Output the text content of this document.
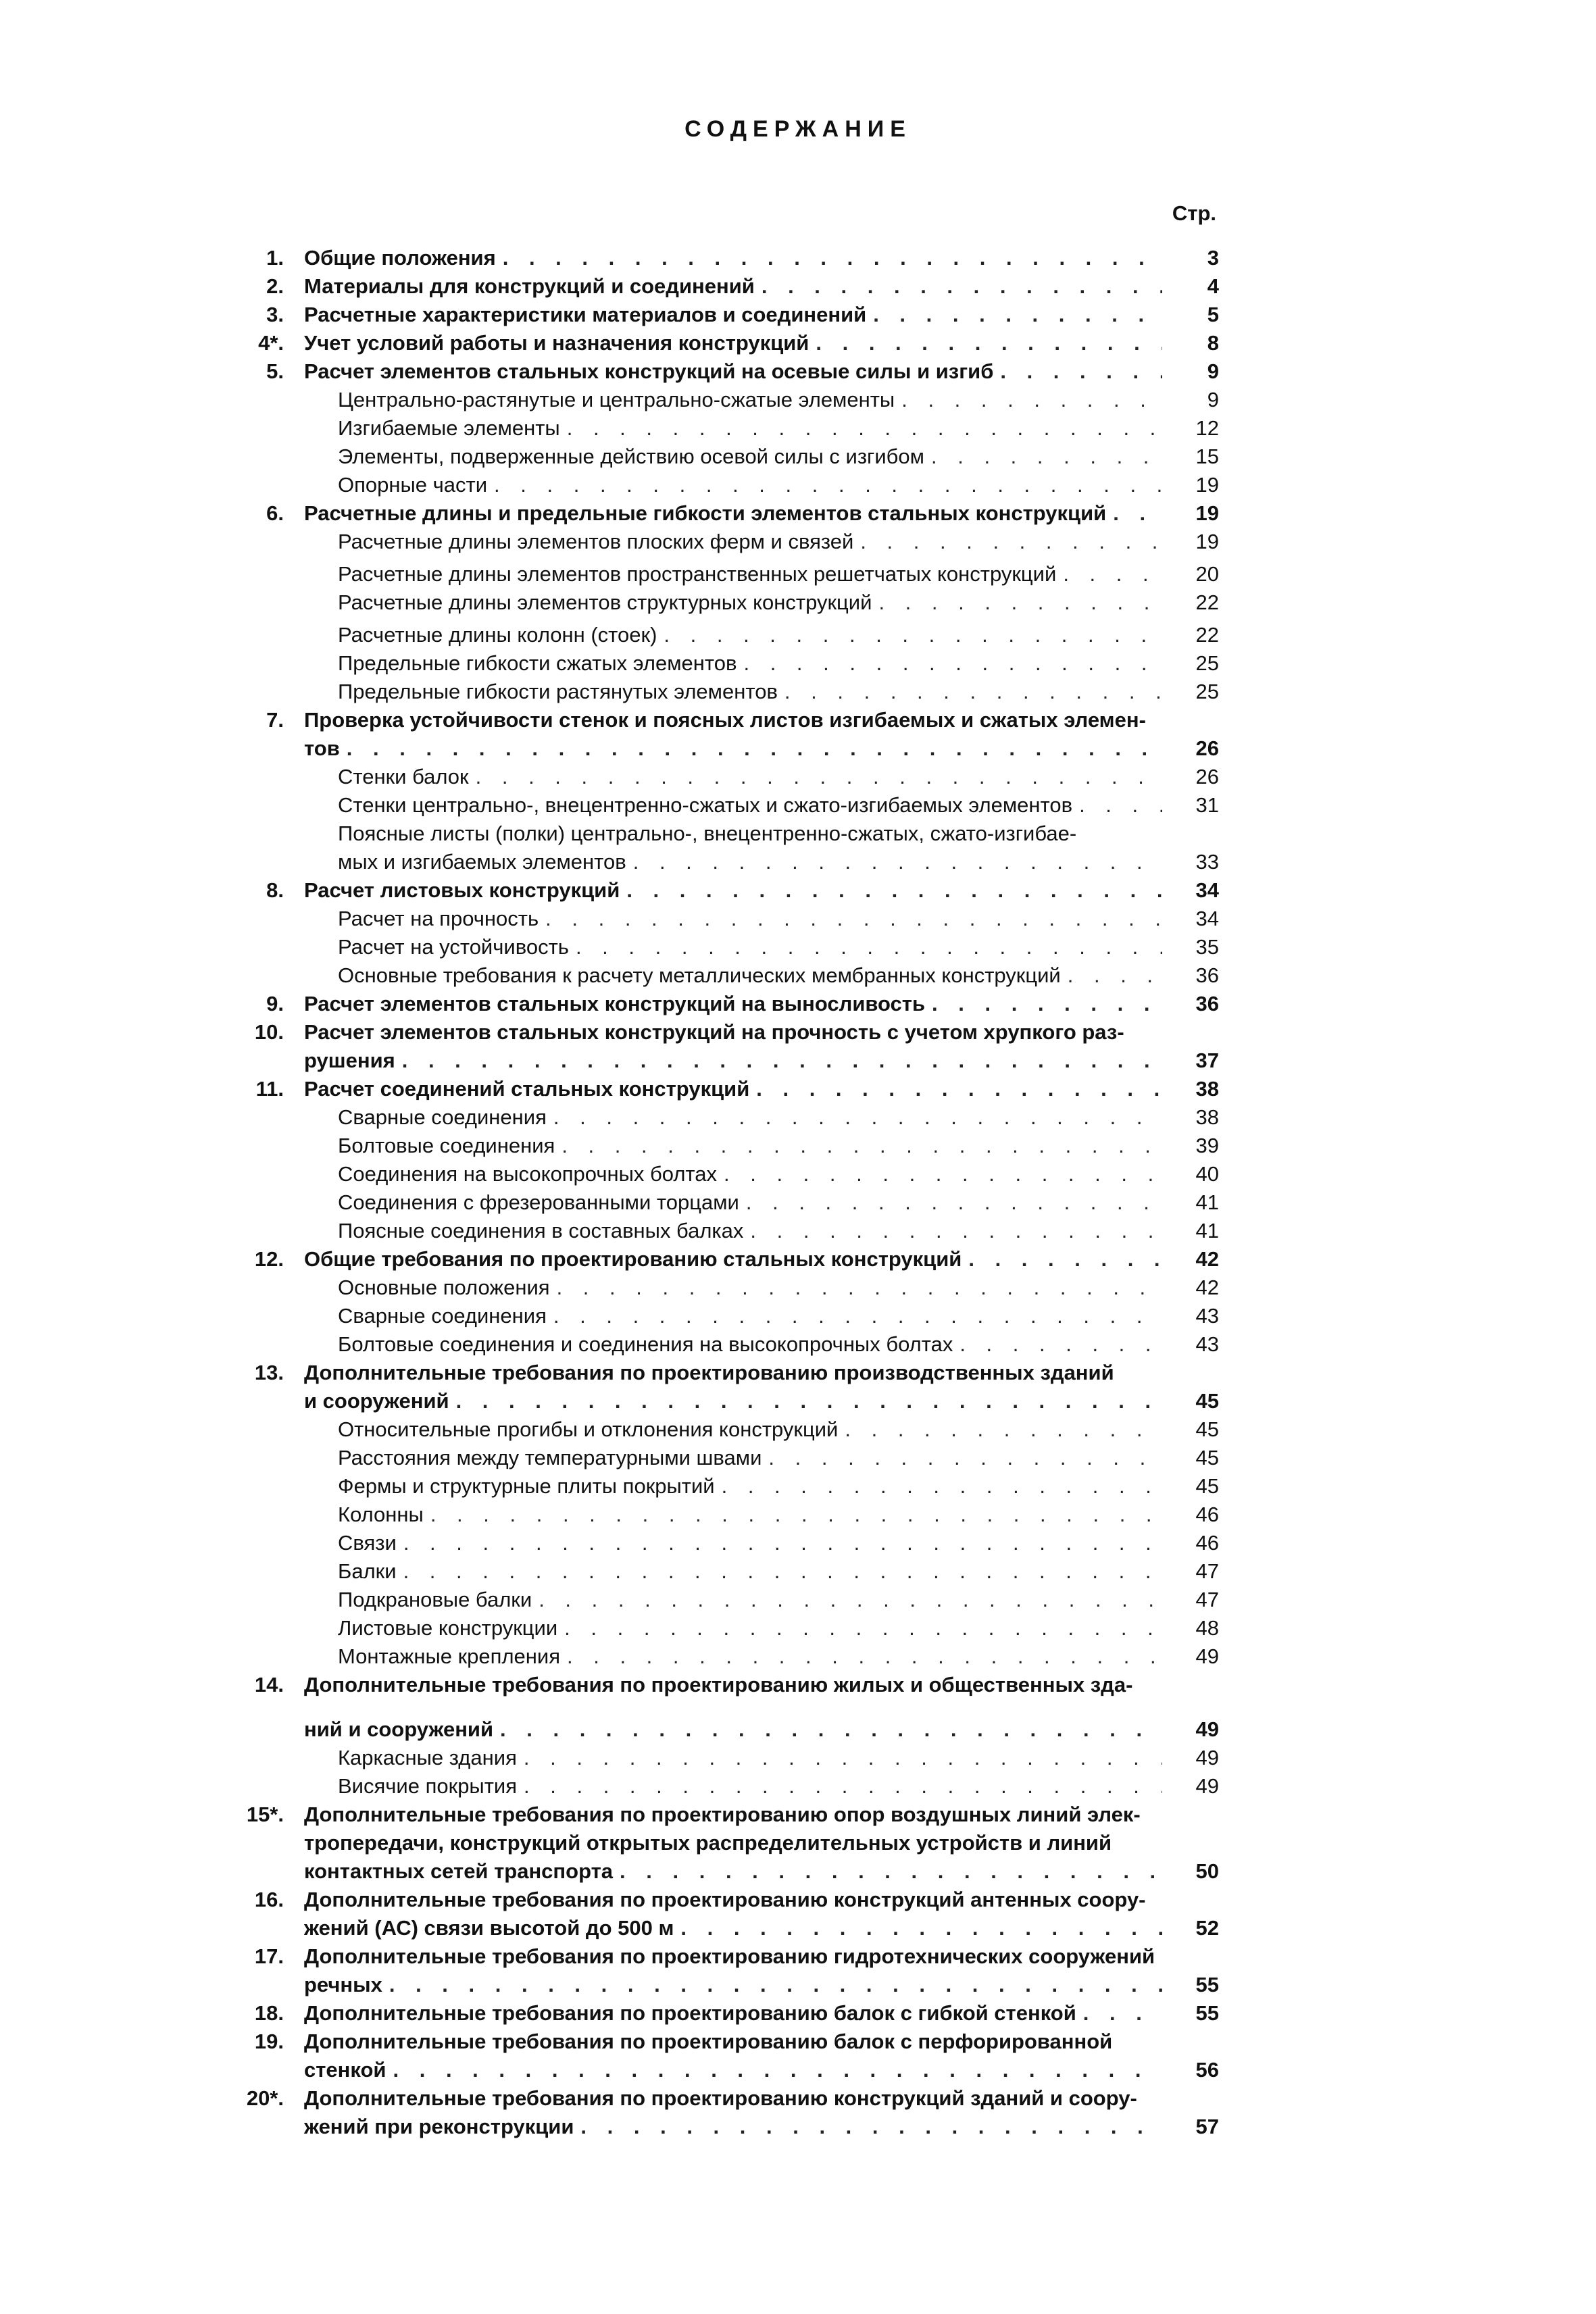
СОДЕРЖАНИЕ
Стр.
1. Общие положения . . .	3
2. Материалы для конструкций и соединений . . .	4
3. Расчетные характеристики материалов и соединений . . .	5
4*. Учет условий работы и назначения конструкций . . .	8
5. Расчет элементов стальных конструкций на осевые силы и изгиб . . .	9
Центрально-растянутые и центрально-сжатые элементы . . .	9
Изгибаемые элементы . . .	12
Элементы, подверженные действию осевой силы с изгибом . . .	15
Опорные части . . .	19
6. Расчетные длины и предельные гибкости элементов стальных конструкций . . .	19
Расчетные длины элементов плоских ферм и связей . . .	19
Расчетные длины элементов пространственных решетчатых конструкций . . .	20
Расчетные длины элементов структурных конструкций . . .	22
Расчетные длины колонн (стоек) . . .	22
Предельные гибкости сжатых элементов . . .	25
Предельные гибкости растянутых элементов . . .	25
7. Проверка устойчивости стенок и поясных листов изгибаемых и сжатых элемен-
тов . . .	26
Стенки балок . . .	26
Стенки центрально-, внецентренно-сжатых и сжато-изгибаемых элементов . . .	31
Поясные листы (полки) центрально-, внецентренно-сжатых, сжато-изгибае-
мых и изгибаемых элементов . . .	33
8. Расчет листовых конструкций . . .	34
Расчет на прочность . . .	34
Расчет на устойчивость . . .	35
Основные требования к расчету металлических мембранных конструкций . . .	36
9. Расчет элементов стальных конструкций на выносливость . . .	36
10. Расчет элементов стальных конструкций на прочность с учетом хрупкого раз-
рушения . . .	37
11. Расчет соединений стальных конструкций . . .	38
Сварные соединения . . .	38
Болтовые соединения . . .	39
Соединения на высокопрочных болтах . . .	40
Соединения с фрезерованными торцами . . .	41
Поясные соединения в составных балках . . .	41
12. Общие требования по проектированию стальных конструкций . . .	42
Основные положения . . .	42
Сварные соединения . . .	43
Болтовые соединения и соединения на высокопрочных болтах . . .	43
13. Дополнительные требования по проектированию производственных зданий
и сооружений . . .	45
Относительные прогибы и отклонения конструкций . . .	45
Расстояния между температурными швами . . .	45
Фермы и структурные плиты покрытий . . .	45
Колонны . . .	46
Связи . . .	46
Балки . . .	47
Подкрановые балки . . .	47
Листовые конструкции . . .	48
Монтажные крепления . . .	49
14. Дополнительные требования по проектированию жилых и общественных зда-
ний и сооружений . . .	49
Каркасные здания . . .	49
Висячие покрытия . . .	49
15*. Дополнительные требования по проектированию опор воздушных линий элек-
тропередачи, конструкций открытых распределительных устройств и линий
контактных сетей транспорта . . .	50
16. Дополнительные требования по проектированию конструкций антенных соору-
жений (АС) связи высотой до 500 м . . .	52
17. Дополнительные требования по проектированию гидротехнических сооружений
речных . . .	55
18. Дополнительные требования по проектированию балок с гибкой стенкой . . .	55
19. Дополнительные требования по проектированию балок с перфорированной
стенкой . . .	56
20*. Дополнительные требования по проектированию конструкций зданий и соору-
жений при реконструкции . . .	57
